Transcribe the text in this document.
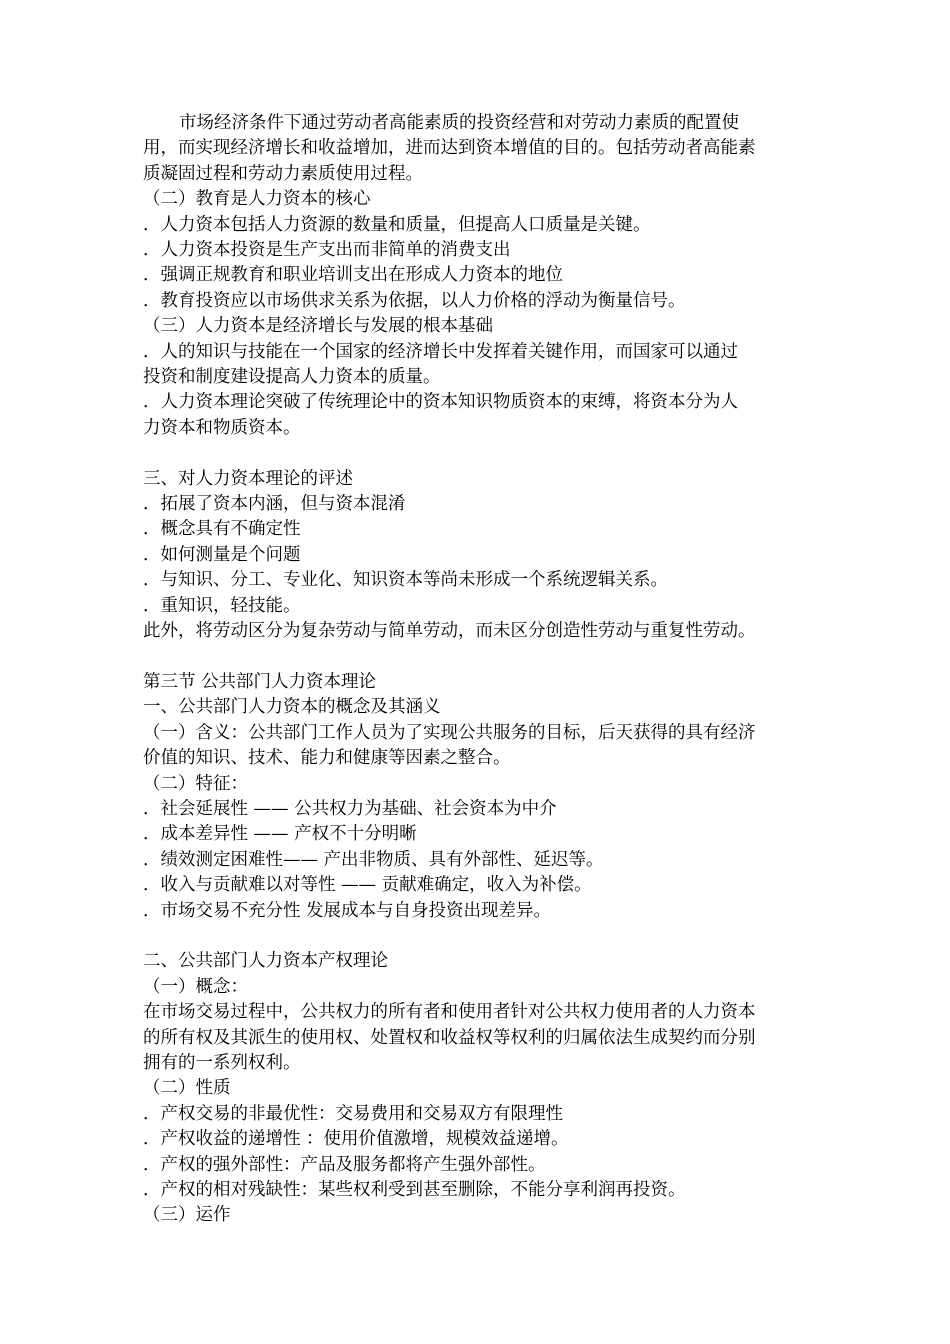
市场经济条件下通过劳动者高能素质的投资经营和对劳动力素质的配置使
用，而实现经济增长和收益增加，进而达到资本增值的目的。包括劳动者高能素
质凝固过程和劳动力素质使用过程。
（二）教育是人力资本的核心
．人力资本包括人力资源的数量和质量，但提高人口质量是关键。
．人力资本投资是生产支出而非简单的消费支出
．强调正规教育和职业培训支出在形成人力资本的地位
．教育投资应以市场供求关系为依据，以人力价格的浮动为衡量信号。
（三）人力资本是经济增长与发展的根本基础
．人的知识与技能在一个国家的经济增长中发挥着关键作用，而国家可以通过
投资和制度建设提高人力资本的质量。
．人力资本理论突破了传统理论中的资本知识物质资本的束缚，将资本分为人
力资本和物质资本。
三、对人力资本理论的评述
．拓展了资本内涵，但与资本混淆
．概念具有不确定性
．如何测量是个问题
．与知识、分工、专业化、知识资本等尚未形成一个系统逻辑关系。
．重知识，轻技能。
此外，将劳动区分为复杂劳动与简单劳动，而未区分创造性劳动与重复性劳动。
第三节 公共部门人力资本理论
一、公共部门人力资本的概念及其涵义
（一）含义：公共部门工作人员为了实现公共服务的目标，后天获得的具有经济
价值的知识、技术、能力和健康等因素之整合。
（二）特征：
．社会延展性 —— 公共权力为基础、社会资本为中介
．成本差异性 —— 产权不十分明晰
．绩效测定困难性—— 产出非物质、具有外部性、延迟等。
．收入与贡献难以对等性 —— 贡献难确定，收入为补偿。
．市场交易不充分性 发展成本与自身投资出现差异。
二、公共部门人力资本产权理论
（一）概念：
在市场交易过程中，公共权力的所有者和使用者针对公共权力使用者的人力资本
的所有权及其派生的使用权、处置权和收益权等权利的归属依法生成契约而分别
拥有的一系列权利。
（二）性质
．产权交易的非最优性：交易费用和交易双方有限理性
．产权收益的递增性 ：使用价值激增，规模效益递增。
．产权的强外部性：产品及服务都将产生强外部性。
．产权的相对残缺性：某些权利受到甚至删除，不能分享利润再投资。
（三）运作
